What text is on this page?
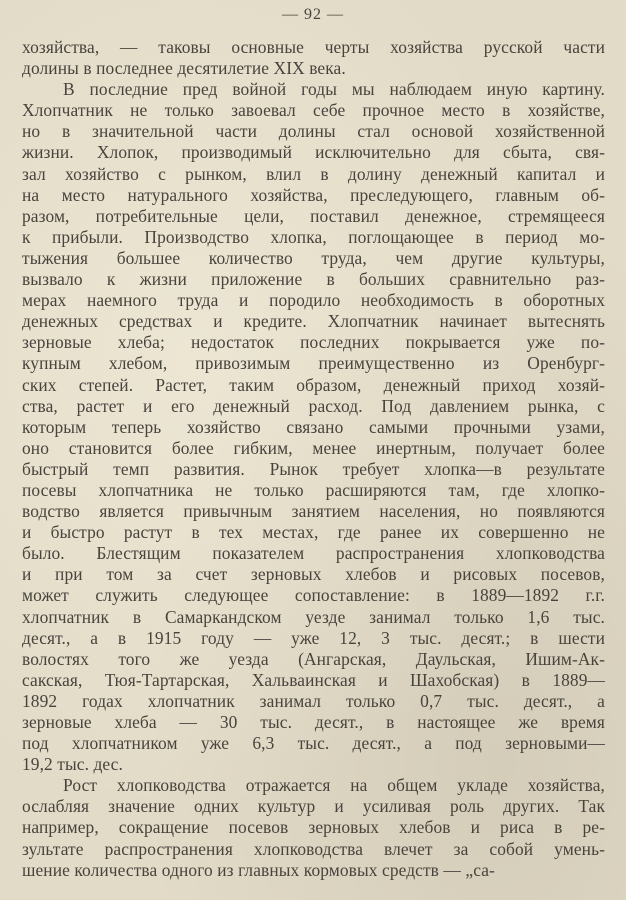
— 92 —
хозяйства, — таковы основные черты хозяйства русской части
долины в последнее десятилетие XIX века.
В последние пред войной годы мы наблюдаем иную картину.
Хлопчатник не только завоевал себе прочное место в хозяйстве,
но в значительной части долины стал основой хозяйственной
жизни. Хлопок, производимый исключительно для сбыта, свя-
зал хозяйство с рынком, влил в долину денежный капитал и
на место натурального хозяйства, преследующего, главным об-
разом, потребительные цели, поставил денежное, стремящееся
к прибыли. Производство хлопка, поглощающее в период мо-
тыжения большее количество труда, чем другие культуры,
вызвало к жизни приложение в больших сравнительно раз-
мерах наемного труда и породило необходимость в оборотных
денежных средствах и кредите. Хлопчатник начинает вытеснять
зерновые хлеба; недостаток последних покрывается уже по-
купным хлебом, привозимым преимущественно из Оренбург-
ских степей. Растет, таким образом, денежный приход хозяй-
ства, растет и его денежный расход. Под давлением рынка, с
которым теперь хозяйство связано самыми прочными узами,
оно становится более гибким, менее инертным, получает более
быстрый темп развития. Рынок требует хлопка—в результате
посевы хлопчатника не только расширяются там, где хлопко-
водство является привычным занятием населения, но появляются
и быстро растут в тех местах, где ранее их совершенно не
было. Блестящим показателем распространения хлопководства
и при том за счет зерновых хлебов и рисовых посевов,
может служить следующее сопоставление: в 1889—1892 г.г.
хлопчатник в Самаркандском уезде занимал только 1,6 тыс.
десят., а в 1915 году — уже 12, 3 тыс. десят.; в шести
волостях того же уезда (Ангарская, Даульская, Ишим-Ак-
сакская, Тюя-Тартарская, Хальваинская и Шахобская) в 1889—
1892 годах хлопчатник занимал только 0,7 тыс. десят., а
зерновые хлеба — 30 тыс. десят., в настоящее же время
под хлопчатником уже 6,3 тыс. десят., а под зерновыми—
19,2 тыс. дес.
Рост хлопководства отражается на общем укладе хозяйства,
ослабляя значение одних культур и усиливая роль других. Так
например, сокращение посевов зерновых хлебов и риса в ре-
зультате распространения хлопководства влечет за собой умень-
шение количества одного из главных кормовых средств — „са-
